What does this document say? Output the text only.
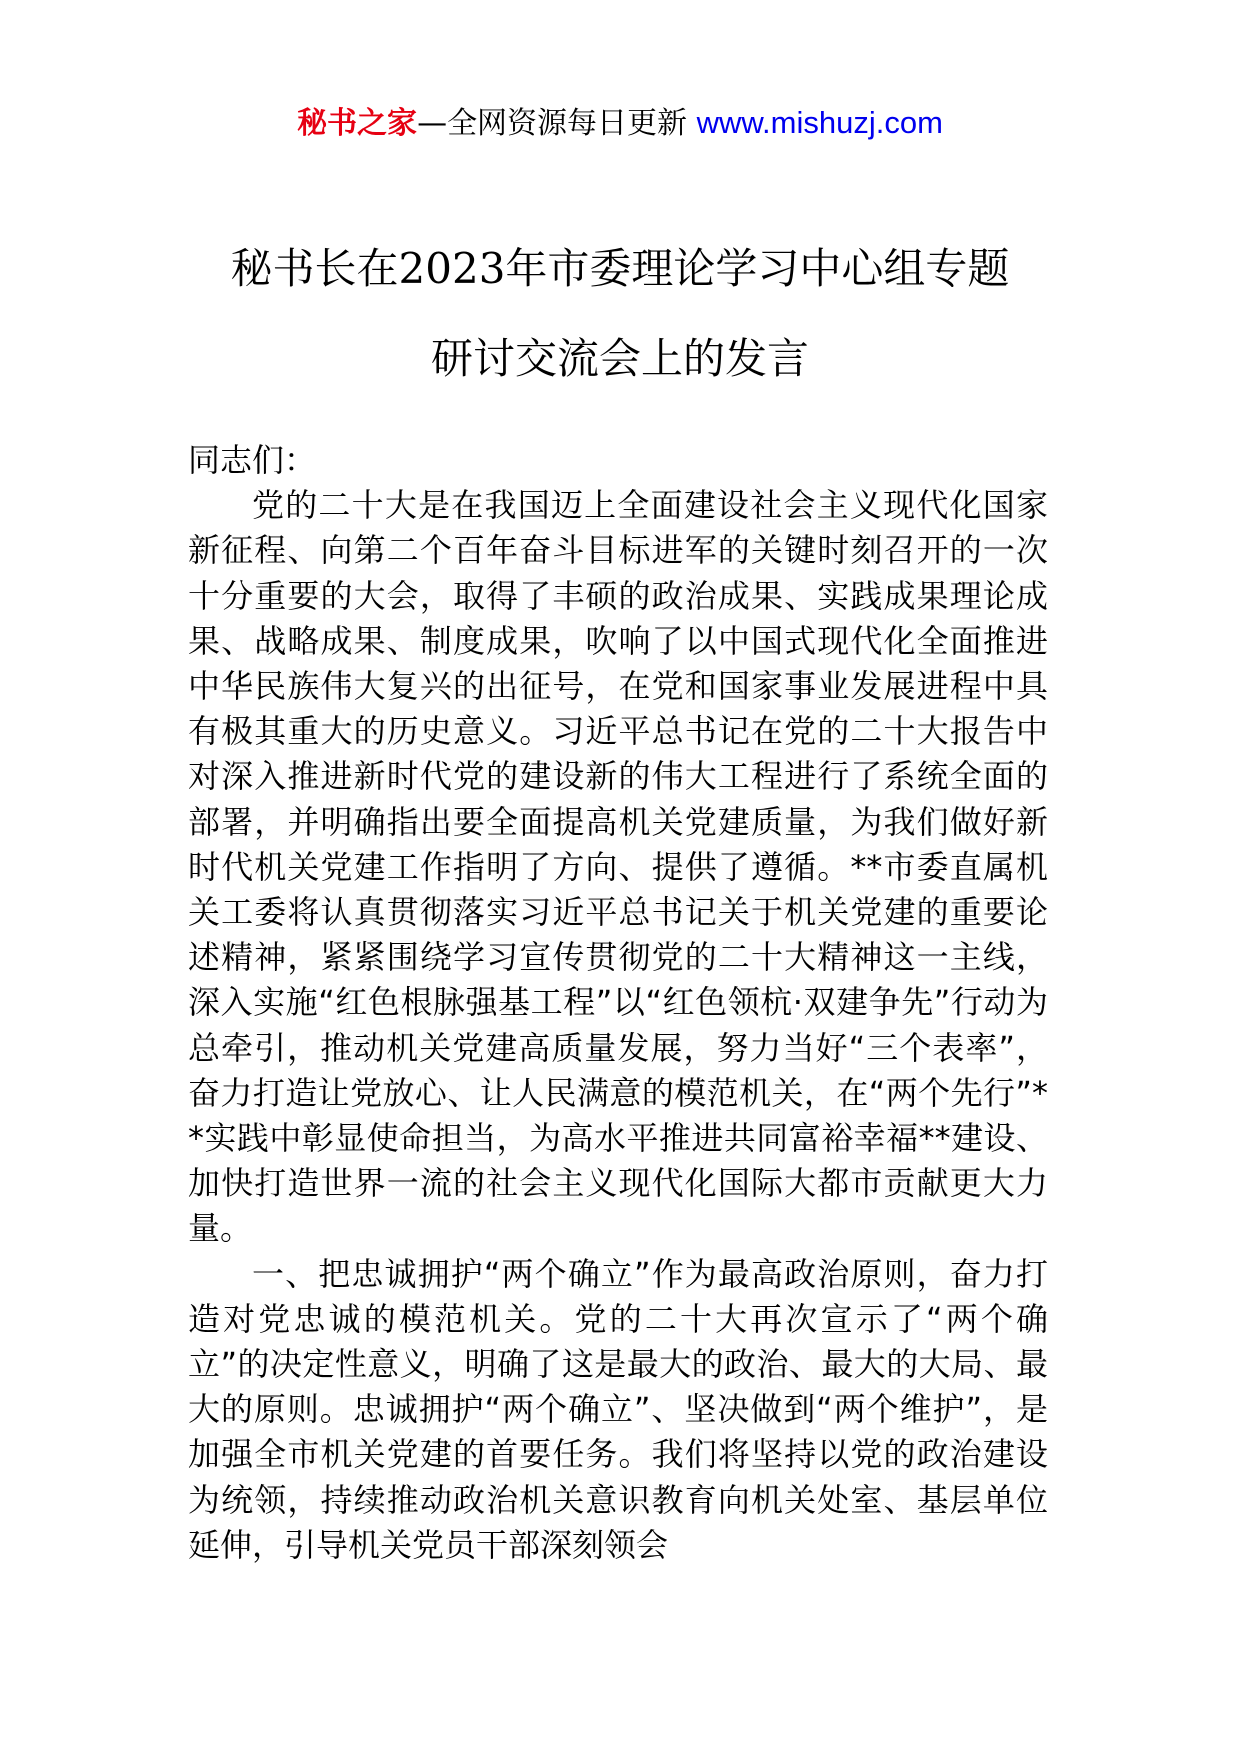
秘书之家—全网资源每日更新 www.mishuzj.com
秘书长在2023年市委理论学习中心组专题
研讨交流会上的发言

同志们：

党的二十大是在我国迈上全面建设社会主义现代化国家新征程、向第二个百年奋斗目标进军的关键时刻召开的一次十分重要的大会，取得了丰硕的政治成果、实践成果理论成果、战略成果、制度成果，吹响了以中国式现代化全面推进中华民族伟大复兴的出征号，在党和国家事业发展进程中具有极其重大的历史意义。习近平总书记在党的二十大报告中对深入推进新时代党的建设新的伟大工程进行了系统全面的部署，并明确指出要全面提高机关党建质量，为我们做好新时代机关党建工作指明了方向、提供了遵循。**市委直属机关工委将认真贯彻落实习近平总书记关于机关党建的重要论述精神，紧紧围绕学习宣传贯彻党的二十大精神这一主线，深入实施“红色根脉强基工程”以“红色领杭·双建争先”行动为总牵引，推动机关党建高质量发展，努力当好“三个表率”，奋力打造让党放心、让人民满意的模范机关，在“两个先行”**实践中彰显使命担当，为高水平推进共同富裕幸福**建设、加快打造世界一流的社会主义现代化国际大都市贡献更大力量。

一、把忠诚拥护“两个确立”作为最高政治原则，奋力打造对党忠诚的模范机关。党的二十大再次宣示了“两个确立”的决定性意义，明确了这是最大的政治、最大的大局、最大的原则。忠诚拥护“两个确立”、坚决做到“两个维护”，是加强全市机关党建的首要任务。我们将坚持以党的政治建设为统领，持续推动政治机关意识教育向机关处室、基层单位延伸，引导机关党员干部深刻领会
